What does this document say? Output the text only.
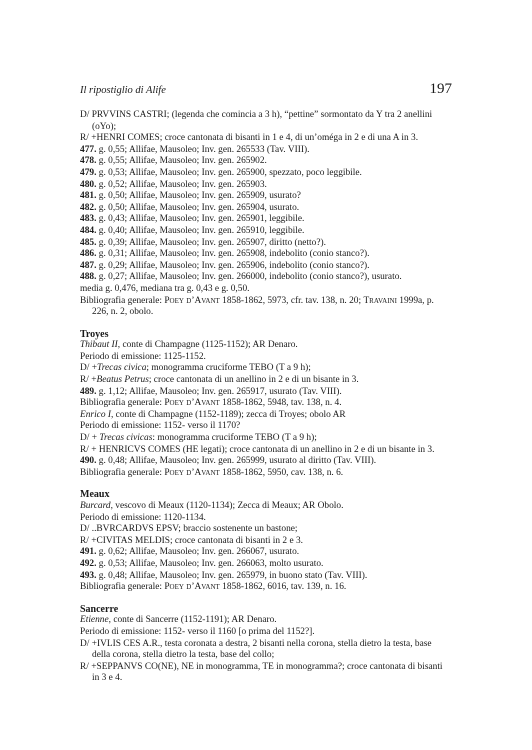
Il ripostiglio di Alife	197
D/ PRVVINS CASTRI; (legenda che comincia a 3 h), “pettine” sormontato da Y tra 2 anellini (oYo);
R/ +HENRI COMES; croce cantonata di bisanti in 1 e 4, di un’oméga in 2 e di una A in 3.
477. g. 0,55; Allifae, Mausoleo; Inv. gen. 265533 (Tav. VIII).
478. g. 0,55; Allifae, Mausoleo; Inv. gen. 265902.
479. g. 0,53; Allifae, Mausoleo; Inv. gen. 265900, spezzato, poco leggibile.
480. g. 0,52; Allifae, Mausoleo; Inv. gen. 265903.
481. g. 0,50; Allifae, Mausoleo; Inv. gen. 265909, usurato?
482. g. 0,50; Allifae, Mausoleo; Inv. gen. 265904, usurato.
483. g. 0,43; Allifae, Mausoleo; Inv. gen. 265901, leggibile.
484. g. 0,40; Allifae, Mausoleo; Inv. gen. 265910, leggibile.
485. g. 0,39; Allifae, Mausoleo; Inv. gen. 265907, diritto (netto?).
486. g. 0,31; Allifae, Mausoleo; Inv. gen. 265908, indebolito (conio stanco?).
487. g. 0,29; Allifae, Mausoleo; Inv. gen. 265906, indebolito (conio stanco?).
488. g. 0,27; Allifae, Mausoleo; Inv. gen. 266000, indebolito (conio stanco?), usurato.
media g. 0,476, mediana tra g. 0,43 e g. 0,50.
Bibliografia generale: Poey d’Avant 1858-1862, 5973, cfr. tav. 138, n. 20; Travaini 1999a, p. 226, n. 2, obolo.
Troyes
Thibaut II, conte di Champagne (1125-1152); AR Denaro.
Periodo di emissione: 1125-1152.
D/ +Trecas civica; monogramma cruciforme TEBO (T a 9 h);
R/ +Beatus Petrus; croce cantonata di un anellino in 2 e di un bisante in 3.
489. g. 1,12; Allifae, Mausoleo; Inv. gen. 265917, usurato (Tav. VIII).
Bibliografia generale: Poey d’Avant 1858-1862, 5948, tav. 138, n. 4.
Enrico I, conte di Champagne (1152-1189); zecca di Troyes; obolo AR
Periodo di emissione: 1152- verso il 1170?
D/ + Trecas civicas: monogramma cruciforme TEBO (T a 9 h);
R/ + HENRICVS COMES (HE legati); croce cantonata di un anellino in 2 e di un bisante in 3.
490. g. 0,48; Allifae, Mausoleo; Inv. gen. 265999, usurato al diritto (Tav. VIII).
Bibliografia generale: Poey d’Avant 1858-1862, 5950, cav. 138, n. 6.
Meaux
Burcard, vescovo di Meaux (1120-1134); Zecca di Meaux; AR Obolo.
Periodo di emissione: 1120-1134.
D/ ..BVRCARDVS EPSV; braccio sostenente un bastone;
R/ +CIVITAS MELDIS; croce cantonata di bisanti in 2 e 3.
491. g. 0,62; Allifae, Mausoleo; Inv. gen. 266067, usurato.
492. g. 0,53; Allifae, Mausoleo; Inv. gen. 266063, molto usurato.
493. g. 0,48; Allifae, Mausoleo; Inv. gen. 265979, in buono stato (Tav. VIII).
Bibliografia generale: Poey d’Avant 1858-1862, 6016, tav. 139, n. 16.
Sancerre
Étienne, conte di Sancerre (1152-1191); AR Denaro.
Periodo di emissione: 1152- verso il 1160 [o prima del 1152?].
D/ +IVLIS CES A.R., testa coronata a destra, 2 bisanti nella corona, stella dietro la testa, base della corona, stella dietro la testa, base del collo;
R/ +SEPPANVS CO(NE), NE in monogramma, TE in monogramma?; croce cantonata di bisanti in 3 e 4.
